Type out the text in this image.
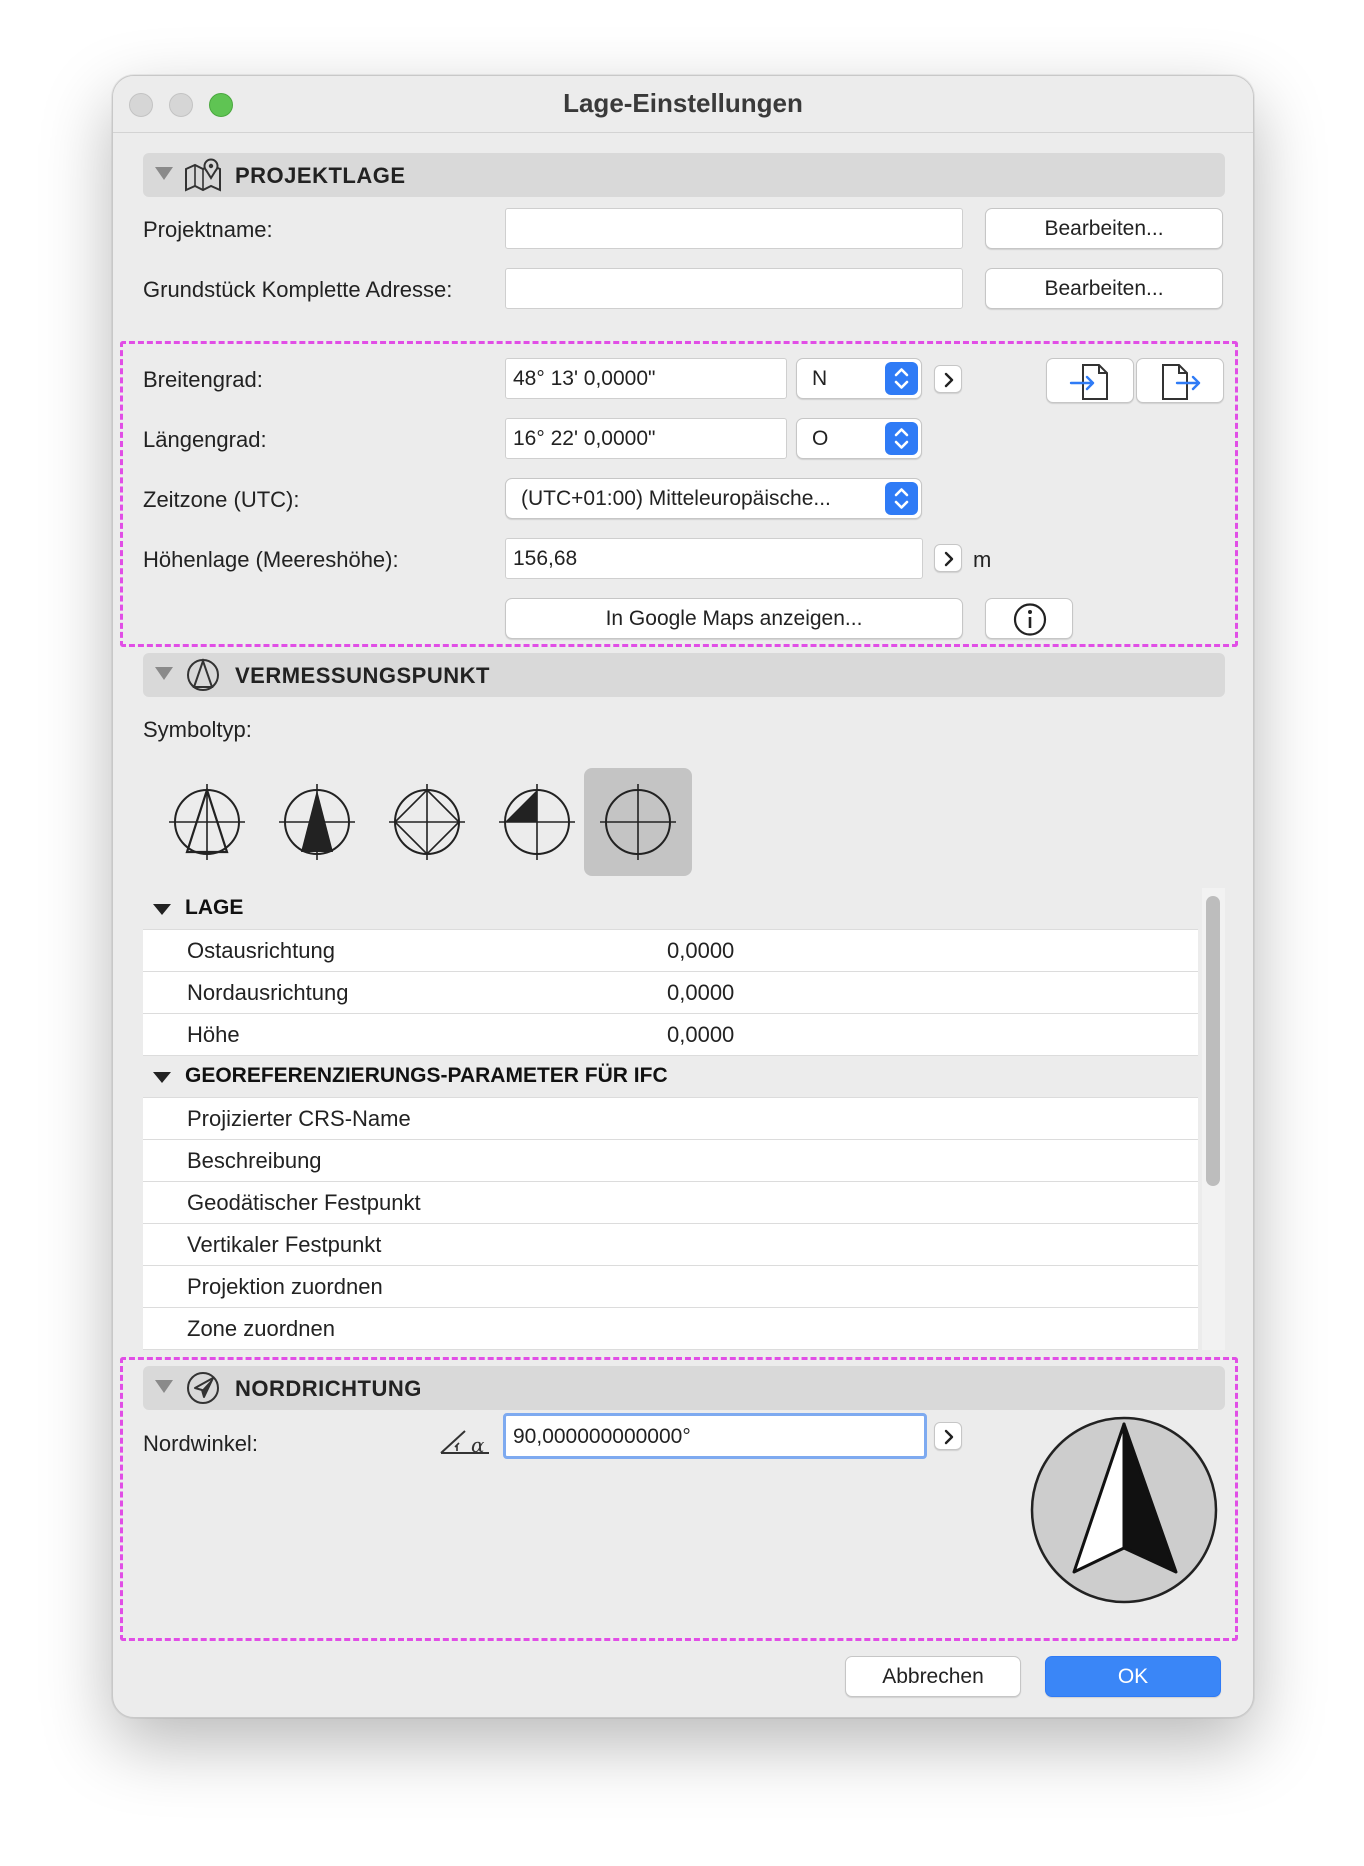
Lage-Einstellungen
PROJEKTLAGE
Projektname:	Bearbeiten...
Grundstück Komplette Adresse:	Bearbeiten...
Breitengrad:	48° 13' 0,0000"	N
Längengrad:	16° 22' 0,0000"	O
Zeitzone (UTC):	(UTC+01:00) Mitteleuropäische...
Höhenlage (Meereshöhe):	156,68	m
In Google Maps anzeigen...
VERMESSUNGSPUNKT
Symboltyp:
LAGE
Ostausrichtung	0,0000
Nordausrichtung	0,0000
Höhe	0,0000
GEOREFERENZIERUNGS-PARAMETER FÜR IFC
Projizierter CRS-Name
Beschreibung
Geodätischer Festpunkt
Vertikaler Festpunkt
Projektion zuordnen
Zone zuordnen
NORDRICHTUNG
Nordwinkel:	α	90,000000000000°
Abbrechen	OK
